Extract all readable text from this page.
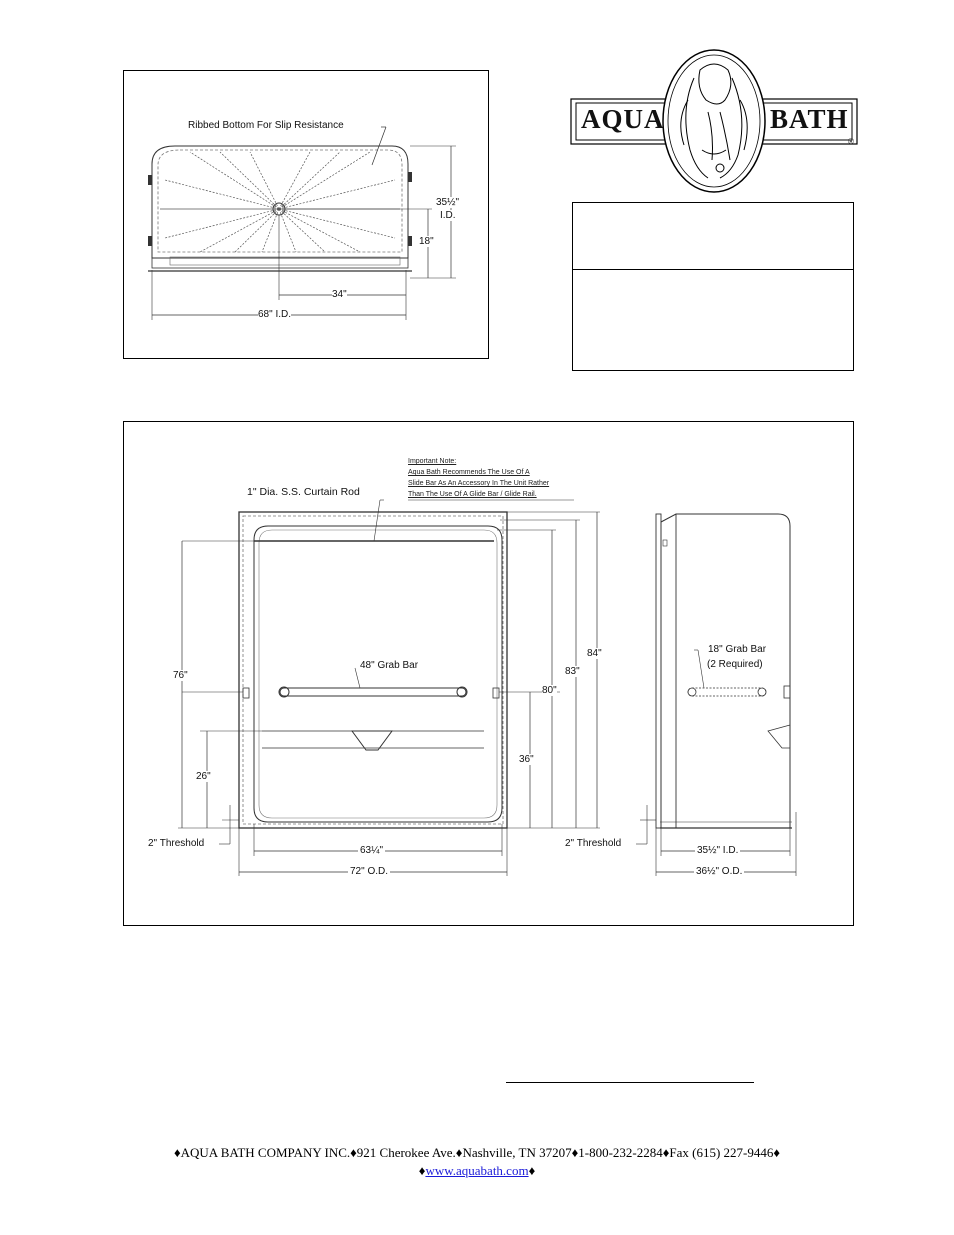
Ribbed Bottom For Slip Resistance
35½"
I.D.
18"
34"
68" I.D.
AQUA	BATH
®
Important Note:
Aqua Bath Recommends The Use Of A
Slide Bar As An Accessory In The Unit Rather
Than The Use Of A Glide Bar / Glide Rail.
1" Dia. S.S. Curtain Rod
48" Grab Bar
18" Grab Bar
(2 Required)
76"
26"
2" Threshold
63¼"
72" O.D.
84"
83"
80"
36"
2" Threshold
35½" I.D.
36½" O.D.
♦AQUA BATH COMPANY INC.♦921 Cherokee Ave.♦Nashville, TN 37207♦1-800-232-2284♦Fax (615) 227-9446♦
♦www.aquabath.com♦
